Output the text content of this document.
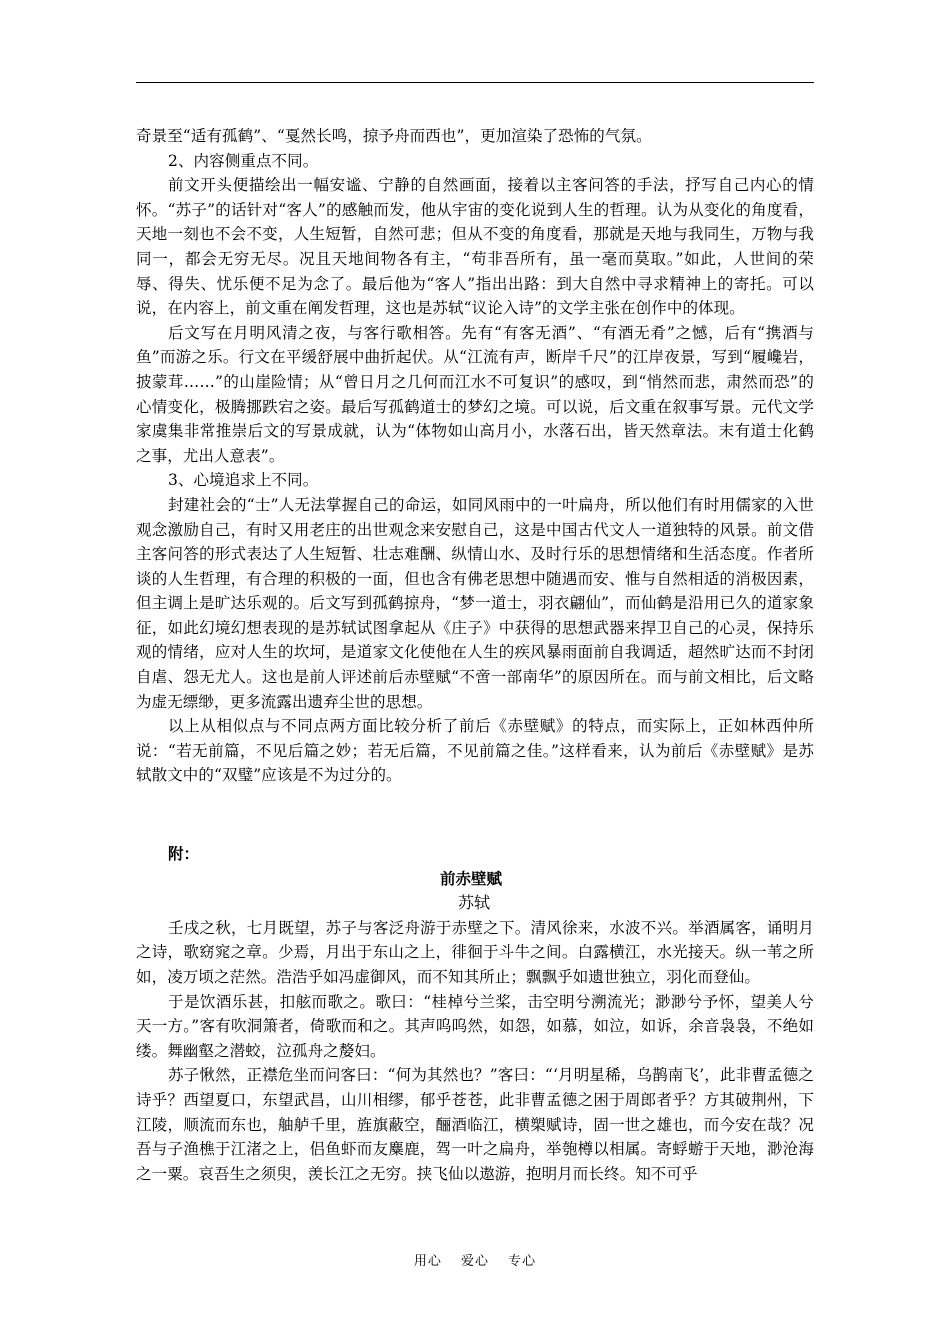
奇景至“适有孤鹤”、“戛然长鸣，掠予舟而西也”，更加渲染了恐怖的气氛。

2、内容侧重点不同。

前文开头便描绘出一幅安谧、宁静的自然画面，接着以主客问答的手法，抒写自己内心的情怀。“苏子”的话针对“客人”的感触而发，他从宇宙的变化说到人生的哲理。认为从变化的角度看，天地一刻也不会不变，人生短暂，自然可悲；但从不变的角度看，那就是天地与我同生，万物与我同一，都会无穷无尽。况且天地间物各有主，“苟非吾所有，虽一毫而莫取。”如此，人世间的荣辱、得失、忧乐便不足为念了。最后他为“客人”指出出路：到大自然中寻求精神上的寄托。可以说，在内容上，前文重在阐发哲理，这也是苏轼“议论入诗”的文学主张在创作中的体现。

后文写在月明风清之夜，与客行歌相答。先有“有客无酒”、“有酒无肴”之憾，后有“携酒与鱼”而游之乐。行文在平缓舒展中曲折起伏。从“江流有声，断岸千尺”的江岸夜景，写到“履巉岩，披蒙茸……”的山崖险情；从“曾日月之几何而江水不可复识”的感叹，到“悄然而悲，肃然而恐”的心情变化，极腾挪跌宕之姿。最后写孤鹤道士的梦幻之境。可以说，后文重在叙事写景。元代文学家虞集非常推崇后文的写景成就，认为“体物如山高月小，水落石出，皆天然章法。末有道士化鹤之事，尤出人意表”。

3、心境追求上不同。

封建社会的“士”人无法掌握自己的命运，如同风雨中的一叶扁舟，所以他们有时用儒家的入世观念激励自己，有时又用老庄的出世观念来安慰自己，这是中国古代文人一道独特的风景。前文借主客问答的形式表达了人生短暂、壮志难酬、纵情山水、及时行乐的思想情绪和生活态度。作者所谈的人生哲理，有合理的积极的一面，但也含有佛老思想中随遇而安、惟与自然相适的消极因素，但主调上是旷达乐观的。后文写到孤鹤掠舟，“梦一道士，羽衣翩仙”，而仙鹤是沿用已久的道家象征，如此幻境幻想表现的是苏轼试图拿起从《庄子》中获得的思想武器来捍卫自己的心灵，保持乐观的情绪，应对人生的坎坷，是道家文化使他在人生的疾风暴雨面前自我调适，超然旷达而不封闭自虐、怨无尤人。这也是前人评述前后赤壁赋“不啻一部南华”的原因所在。而与前文相比，后文略为虚无缥缈，更多流露出遗弃尘世的思想。

以上从相似点与不同点两方面比较分析了前后《赤壁赋》的特点，而实际上，正如林西仲所说：“若无前篇，不见后篇之妙；若无后篇，不见前篇之佳。”这样看来，认为前后《赤壁赋》是苏轼散文中的“双璧”应该是不为过分的。

附：

前赤壁赋

苏轼

壬戌之秋，七月既望，苏子与客泛舟游于赤壁之下。清风徐来，水波不兴。举酒属客，诵明月之诗，歌窈窕之章。少焉，月出于东山之上，徘徊于斗牛之间。白露横江，水光接天。纵一苇之所如，凌万顷之茫然。浩浩乎如冯虚御风，而不知其所止；飘飘乎如遗世独立，羽化而登仙。

于是饮酒乐甚，扣舷而歌之。歌曰：“桂棹兮兰桨，击空明兮溯流光；渺渺兮予怀，望美人兮天一方。”客有吹洞箫者，倚歌而和之。其声呜呜然，如怨，如慕，如泣，如诉，余音袅袅，不绝如缕。舞幽壑之潜蛟，泣孤舟之嫠妇。

苏子愀然，正襟危坐而问客曰：“何为其然也？”客曰：“‘月明星稀，乌鹊南飞’，此非曹孟德之诗乎？西望夏口，东望武昌，山川相缪，郁乎苍苍，此非曹孟德之困于周郎者乎？方其破荆州，下江陵，顺流而东也，舳舻千里，旌旗蔽空，酾酒临江，横槊赋诗，固一世之雄也，而今安在哉？况吾与子渔樵于江渚之上，侣鱼虾而友麋鹿，驾一叶之扁舟，举匏樽以相属。寄蜉蝣于天地，渺沧海之一粟。哀吾生之须臾，羡长江之无穷。挟飞仙以遨游，抱明月而长终。知不可乎

用心 爱心 专心
